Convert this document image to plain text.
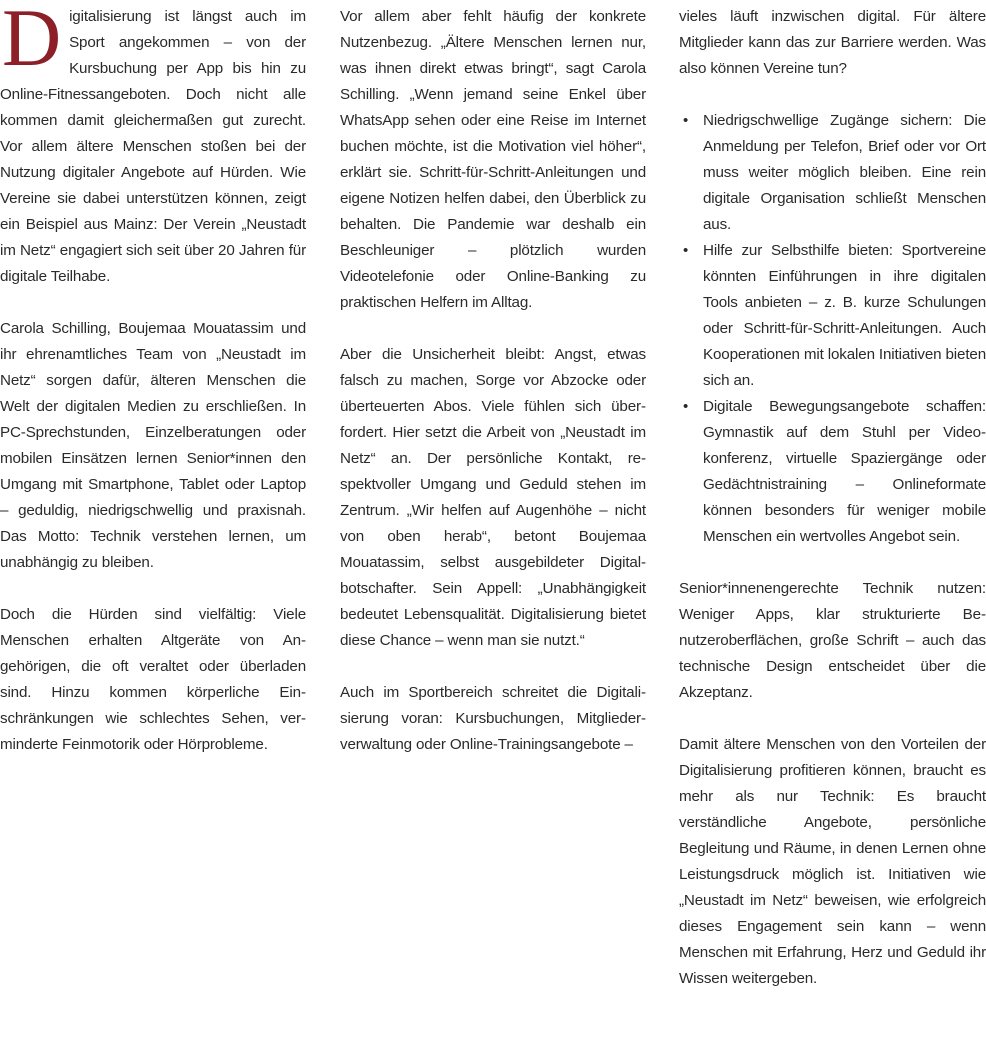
Digitalisierung ist längst auch im Sport angekommen – von der Kursbuchung per App bis hin zu Online-Fitnessangeboten. Doch nicht alle kommen damit gleichermaßen gut zurecht. Vor allem ältere Menschen stoßen bei der Nutzung digitaler Angebote auf Hürden. Wie Vereine sie dabei unterstützen können, zeigt ein Beispiel aus Mainz: Der Verein „Neustadt im Netz“ engagiert sich seit über 20 Jahren für digitale Teilhabe.

Carola Schilling, Boujemaa Mouatassim und ihr ehrenamtliches Team von „Neustadt im Netz“ sorgen dafür, älteren Menschen die Welt der digitalen Medien zu erschließen. In PC-Sprechstunden, Einzelberatungen oder mobilen Einsätzen lernen Senior*innen den Umgang mit Smartphone, Tablet oder Laptop – geduldig, niedrigschwellig und praxisnah. Das Motto: Technik verstehen lernen, um unabhängig zu bleiben.

Doch die Hürden sind vielfältig: Viele Menschen erhalten Altgeräte von Angehörigen, die oft veraltet oder überladen sind. Hinzu kommen körperliche Einschränkungen wie schlechtes Sehen, verminderte Feinmotorik oder Hörprobleme.

Vor allem aber fehlt häufig der konkrete Nutzenbezug. „Ältere Menschen lernen nur, was ihnen direkt etwas bringt“, sagt Carola Schilling. „Wenn jemand seine Enkel über WhatsApp sehen oder eine Reise im Internet buchen möchte, ist die Motivation viel höher“, erklärt sie. Schritt-für-Schritt-Anleitungen und eigene Notizen helfen dabei, den Überblick zu behalten. Die Pandemie war deshalb ein Beschleuniger – plötzlich wurden Videotelefonie oder Online-Banking zu praktischen Helfern im Alltag.

Aber die Unsicherheit bleibt: Angst, etwas falsch zu machen, Sorge vor Abzocke oder überteuerten Abos. Viele fühlen sich überfordert. Hier setzt die Arbeit von „Neustadt im Netz“ an. Der persönliche Kontakt, respektvoller Umgang und Geduld stehen im Zentrum. „Wir helfen auf Augenhöhe – nicht von oben herab“, betont Boujemaa Mouatassim, selbst ausgebildeter Digitalbotschafter. Sein Appell: „Unabhängigkeit bedeutet Lebensqualität. Digitalisierung bietet diese Chance – wenn man sie nutzt.“

Auch im Sportbereich schreitet die Digitalisierung voran: Kursbuchungen, Mitgliederverwaltung oder Online-Trainingsangebote –

vieles läuft inzwischen digital. Für ältere Mitglieder kann das zur Barriere werden. Was also können Vereine tun?

• Niedrigschwellige Zugänge sichern: Die Anmeldung per Telefon, Brief oder vor Ort muss weiter möglich bleiben. Eine rein digitale Organisation schließt Menschen aus.
• Hilfe zur Selbsthilfe bieten: Sportvereine könnten Einführungen in ihre digitalen Tools anbieten – z. B. kurze Schulungen oder Schritt-für-Schritt-Anleitungen. Auch Kooperationen mit lokalen Initiativen bieten sich an.
• Digitale Bewegungsangebote schaffen: Gymnastik auf dem Stuhl per Videokonferenz, virtuelle Spaziergänge oder Gedächtnistraining – Onlineformate können besonders für weniger mobile Menschen ein wertvolles Angebot sein.

Senior*innenengerechte Technik nutzen: Weniger Apps, klar strukturierte Benutzeroberflächen, große Schrift – auch das technische Design entscheidet über die Akzeptanz.

Damit ältere Menschen von den Vorteilen der Digitalisierung profitieren können, braucht es mehr als nur Technik: Es braucht verständliche Angebote, persönliche Begleitung und Räume, in denen Lernen ohne Leistungsdruck möglich ist. Initiativen wie „Neustadt im Netz“ beweisen, wie erfolgreich dieses Engagement sein kann – wenn Menschen mit Erfahrung, Herz und Geduld ihr Wissen weitergeben.
